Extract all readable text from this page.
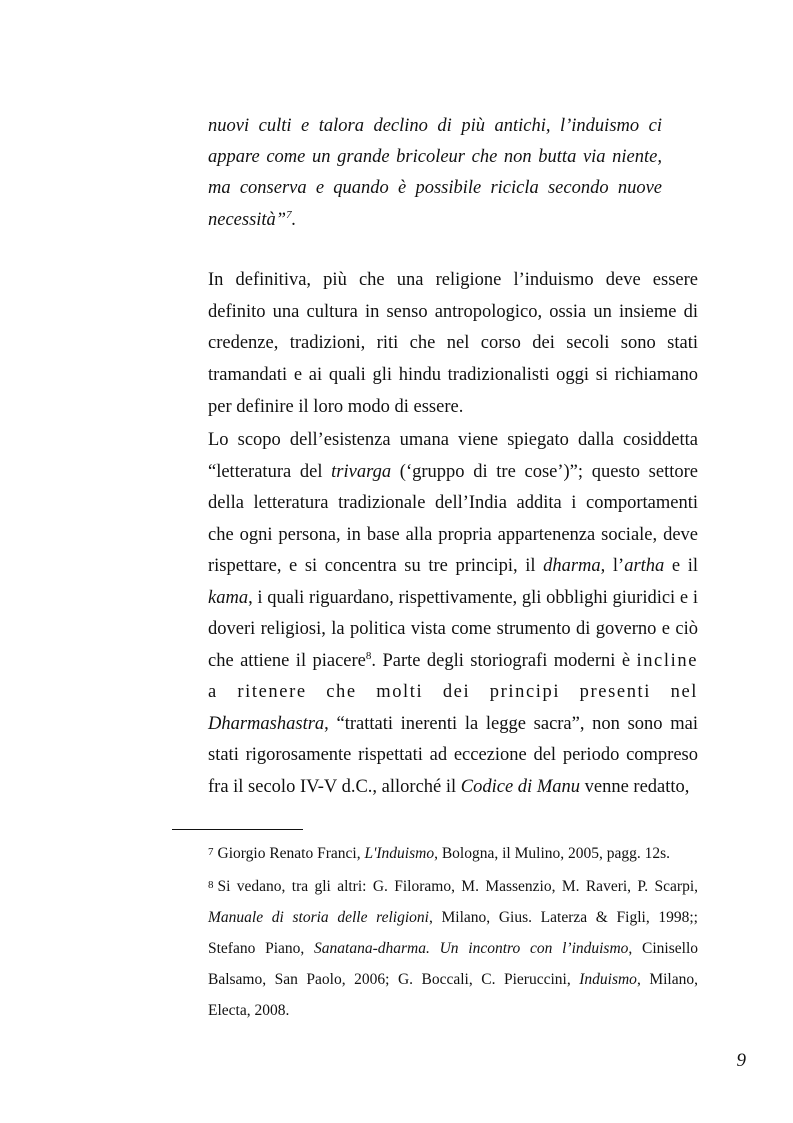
nuovi culti e talora declino di più antichi, l’induismo ci appare come un grande bricoleur che non butta via niente, ma conserva e quando è possibile ricicla secondo nuove necessità”$^7$.

In definitiva, più che una religione l’induismo deve essere definito una cultura in senso antropologico, ossia un insieme di credenze, tradizioni, riti che nel corso dei secoli sono stati tramandati e ai quali gli hindu tradizionalisti oggi si richiamano per definire il loro modo di essere.

Lo scopo dell’esistenza umana viene spiegato dalla cosiddetta “letteratura del trivarga (‘gruppo di tre cose’)”; questo settore della letteratura tradizionale dell’India addita i comportamenti che ogni persona, in base alla propria appartenenza sociale, deve rispettare, e si concentra su tre principi, il dharma, l’artha e il kama, i quali riguardano, rispettivamente, gli obblighi giuridici e i doveri religiosi, la politica vista come strumento di governo e ciò che attiene il piacere$^8$. Parte degli storiografi moderni è incline a ritenere che molti dei principi presenti nel Dharmashastra, “trattati inerenti la legge sacra”, non sono mai stati rigorosamente rispettati ad eccezione del periodo compreso fra il secolo IV-V d.C., allorché il Codice di Manu venne redatto,

7 Giorgio Renato Franci, L'Induismo, Bologna, il Mulino, 2005, pagg. 12s.

8 Si vedano, tra gli altri: G. Filoramo, M. Massenzio, M. Raveri, P. Scarpi, Manuale di storia delle religioni, Milano, Gius. Laterza & Figli, 1998;; Stefano Piano, Sanatana-dharma. Un incontro con l’induismo, Cinisello Balsamo, San Paolo, 2006; G. Boccali, C. Pieruccini, Induismo, Milano, Electa, 2008.

9
